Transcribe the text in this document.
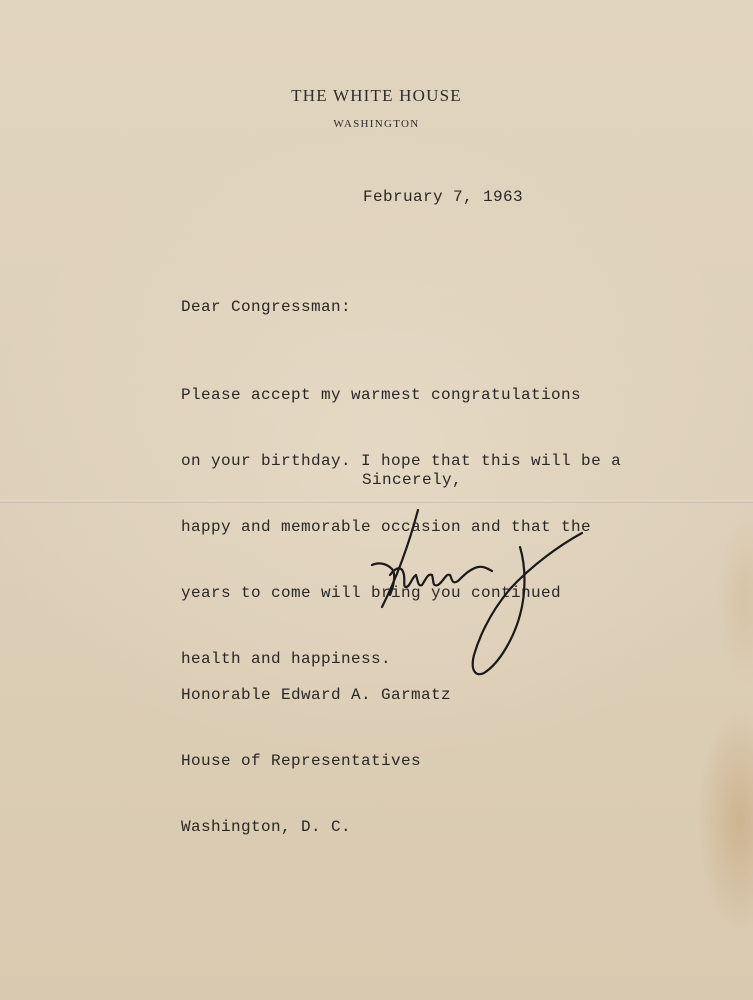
THE WHITE HOUSE
WASHINGTON
February 7, 1963
Dear Congressman:

Please accept my warmest congratulations

on your birthday. I hope that this will be a

happy and memorable occasion and that the

years to come will bring you continued

health and happiness.

Sincerely,

Honorable Edward A. Garmatz

House of Representatives

Washington, D. C.
